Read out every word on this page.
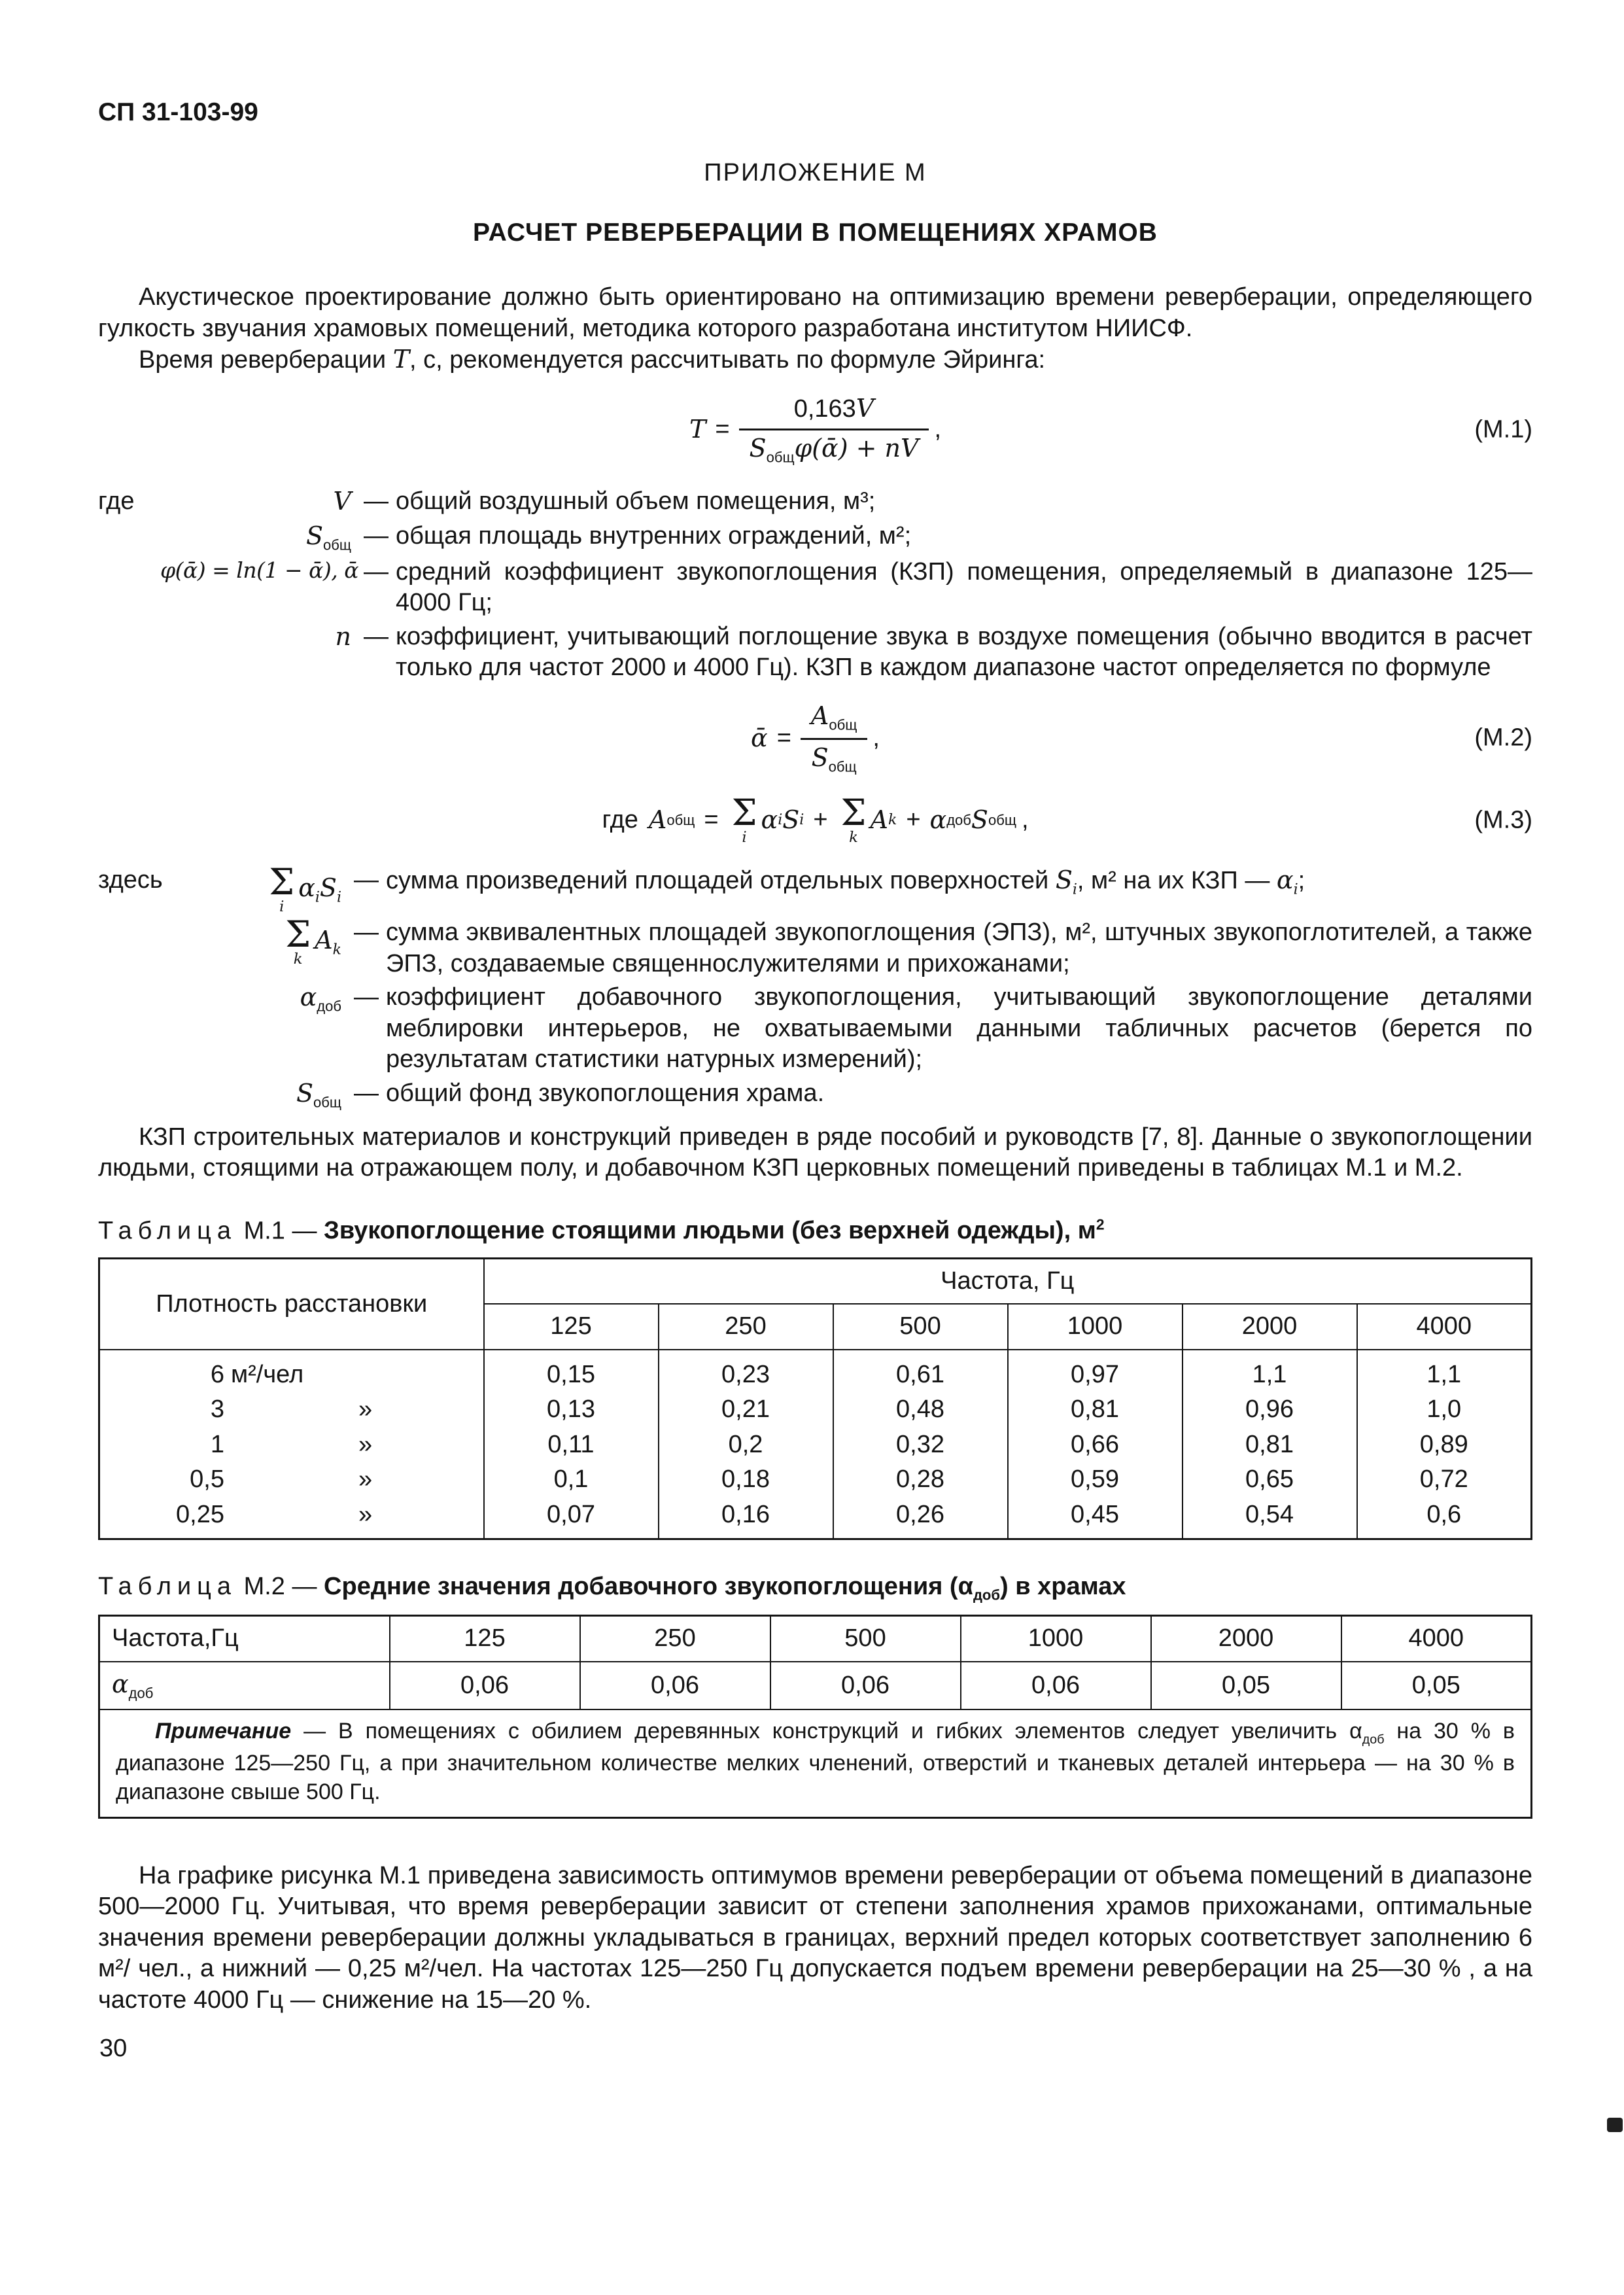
СП 31-103-99
ПРИЛОЖЕНИЕ М
РАСЧЕТ РЕВЕРБЕРАЦИИ В ПОМЕЩЕНИЯХ ХРАМОВ

Акустическое проектирование должно быть ориентировано на оптимизацию времени реверберации, определяющего гулкость звучания храмовых помещений, методика которого разработана институтом НИИСФ.

Время реверберации T, с, рекомендуется рассчитывать по формуле Эйринга:

$T = \frac{0,163V}{S_{общ}\varphi(ᾱ) + nV}$ ,	(М.1)
где	V — общий воздушный объем помещения, м³;
$S_{общ}$ — общая площадь внутренних ограждений, м²;
φ(ᾱ) = ln(1 − ᾱ), ᾱ — средний коэффициент звукопоглощения (КЗП) помещения, определяемый в диапазоне 125—4000 Гц;
n — коэффициент, учитывающий поглощение звука в воздухе помещения (обычно вводится в расчет только для частот 2000 и 4000 Гц). КЗП в каждом диапазоне частот определяется по формуле
ᾱ = $\frac{A_{общ}}{S_{общ}}$ ,	(М.2)
где A общ = Σ
i
α i S i + Σ
k
A k + α доб S общ ,	(М.3)
здесь	Σ
i
$\alpha_iS_i$
— сумма произведений площадей отдельных поверхностей $S_i$, м² на их КЗП — $\alpha_i$;
Σ
k
$A_k$
— сумма эквивалентных площадей звукопоглощения (ЭПЗ), м², штучных звукопоглотителей, а также ЭПЗ, создаваемые священнослужителями и прихожанами;
$\alpha_{доб}$ — коэффициент добавочного звукопоглощения, учитывающий звукопоглощение деталями меблировки интерьеров, не охватываемыми данными табличных расчетов (берется по результатам статистики натурных измерений);
$S_{общ}$ — общий фонд звукопоглощения храма.

КЗП строительных материалов и конструкций приведен в ряде пособий и руководств [7, 8]. Данные о звукопоглощении людьми, стоящими на отражающем полу, и добавочном КЗП церковных помещений приведены в таблицах М.1 и М.2.

Таблица М.1 — Звукопоглощение стоящими людьми (без верхней одежды), $м^2$
Плотность расстановки	Частота, Гц					
	125	250	500	1000	2000	4000
6 м²/чел	0,15	0,23	0,61	0,97	1,1	1,1
3 »	0,13	0,21	0,48	0,81	0,96	1,0
1 »	0,11	0,2	0,32	0,66	0,81	0,89
0,5 »	0,1	0,18	0,28	0,59	0,65	0,72
0,25 »	0,07	0,16	0,26	0,45	0,54	0,6
Таблица М.2 — Средние значения добавочного звукопоглощения $(\alpha_{доб})$ в храмах
Частота,Гц	125	250	500	1000	2000	4000
$\alpha_{доб}$	0,06	0,06	0,06	0,06	0,05	0,05
Примечание — В помещениях с обилием деревянных конструкций и гибких элементов следует увеличить $\alpha_{доб}$ на 30 % в диапазоне 125—250 Гц, а при значительном количестве мелких членений, отверстий и тканевых деталей интерьера — на 30 % в диапазоне свыше 500 Гц.						

На графике рисунка М.1 приведена зависимость оптимумов времени реверберации от объема помещений в диапазоне 500—2000 Гц. Учитывая, что время реверберации зависит от степени заполнения храмов прихожанами, оптимальные значения времени реверберации должны укладываться в границах, верхний предел которых соответствует заполнению 6 м²/ чел., а нижний — 0,25 м²/чел. На частотах 125—250 Гц допускается подъем времени реверберации на 25—30 % , а на частоте 4000 Гц — снижение на 15—20 %.

30
